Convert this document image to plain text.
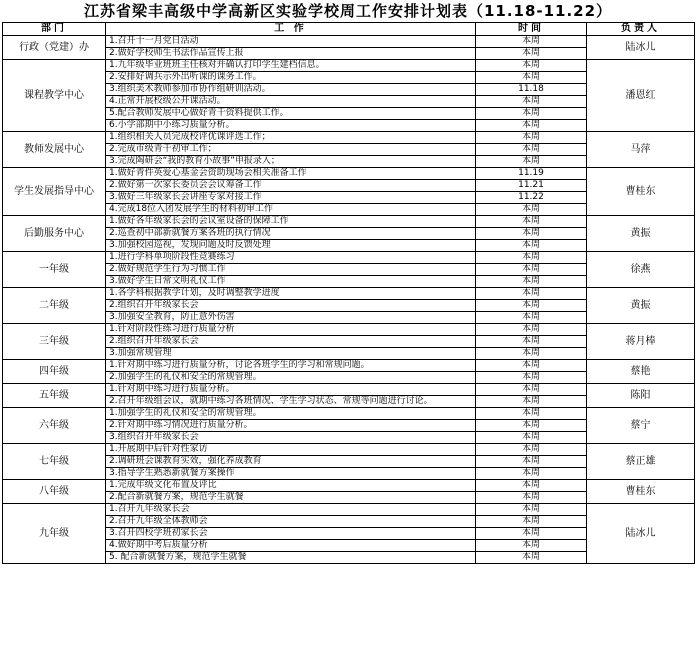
江苏省梁丰高级中学高新区实验学校周工作安排计划表（11.18-11.22）
部门	工 作	时间	负责人
行政（党建）办	1.召开十一月党日活动	本周	陆冰儿
	2.做好学校师生书法作品宣传上报	本周	
课程教学中心	1.九年级毕业班班主任核对并确认打印学生建档信息。	本周	潘恩红
	2.安排好调兵示外出听课的课务工作。	本周	
	3.组织美术教师参加市协作组研训活动。	11.18	
	4.正常开展校级公开课活动。	本周	
	5.配合教师发展中心做好青干资料提供工作。	本周	
	6.小学部期中小练习质量分析。	本周	
教师发展中心	1.组织相关人员完成校评优课评选工作；	本周	马萍
	2.完成市级青干初审工作；	本周	
	3.完成陶研会“我的教育小故事”申报录入；	本周	
学生发展指导中心	1.做好青件英爱心基金会资助现场会相关准备工作	11.19	曹桂东
	2.做好第一次家长委员会会议筹备工作	11.21	
	3.做好三年级家长会讲座专家对接工作	11.22	
	4.完成18位入团发展学生的材料初审工作	本周	
后勤服务中心	1.做好各年级家长会的会议室设备的保障工作	本周	黄振
	2.巡查初中部新就餐方案各班的执行情况	本周	
	3.加强校园巡视，发现问题及时反馈处理	本周	
一年级	1.进行学科单项阶段性竞赛练习	本周	徐燕
	2.做好规范学生行为习惯工作	本周	
	3.做好学生日常文明礼仪工作	本周	
二年级	1.各学科根据教学计划，及时调整教学进度	本周	黄振
	2.组织召开年级家长会	本周	
	3.加强安全教育，防止意外伤害	本周	
三年级	1.针对阶段性练习进行质量分析	本周	蒋月棒
	2.组织召开年级家长会	本周	
	3.加强常规管理	本周	
四年级	1.针对期中练习进行质量分析，讨论各班学生的学习和常规问题。	本周	蔡艳
	2.加强学生的礼仪和安全的常规管理。	本周	
五年级	1.针对期中练习进行质量分析。	本周	陈阳
	2.召开年级组会议，就期中练习各班情况、学生学习状态、常规等问题进行讨论。	本周	
六年级	1.加强学生的礼仪和安全的常规管理。	本周	蔡宁
	2.针对期中练习情况进行质量分析。	本周	
	3.组织召开年级家长会	本周	
七年级	1.开展期中后针对性家访	本周	蔡正雄
	2.调研班会课教育实效，强化养成教育	本周	
	3.指导学生熟悉新就餐方案操作	本周	
八年级	1.完成年级文化布置及评比	本周	曹桂东
	2.配合新就餐方案，规范学生就餐	本周	
九年级	1.召开九年级家长会	本周	陆冰儿
	2.召开九年级全体教师会	本周	
	3.召开四校学班初家长会	本周	
	4.做好期中考后质量分析	本周	
	5. 配合新就餐方案，规范学生就餐	本周	
